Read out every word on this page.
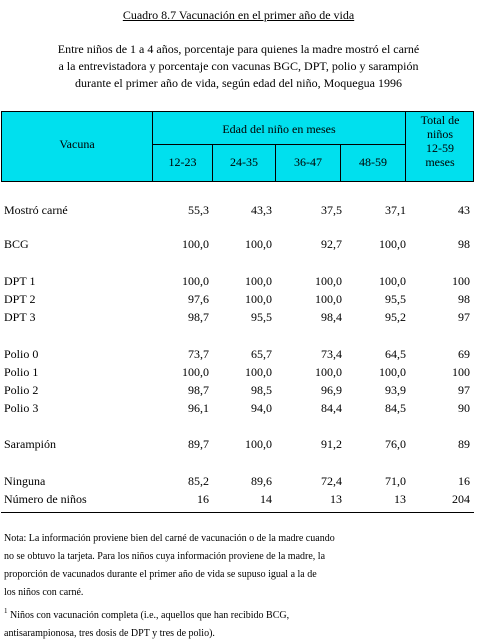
Cuadro 8.7 Vacunación en el primer año de vida
Entre niños de 1 a 4 años, porcentaje para quienes la madre mostró el carné
a la entrevistadora y porcentaje con vacunas BGC, DPT, polio y sarampión
durante el primer año de vida, según edad del niño, Moquegua 1996
Vacuna
Edad del niño en meses
Total de
niños
12-59
meses
12-23	24-35	36-47	48-59
Mostró carné	55,3	43,3	37,5	37,1	43
BCG	100,0	100,0	92,7	100,0	98
DPT 1	100,0	100,0	100,0	100,0	100
DPT 2	97,6	100,0	100,0	95,5	98
DPT 3	98,7	95,5	98,4	95,2	97
Polio 0	73,7	65,7	73,4	64,5	69
Polio 1	100,0	100,0	100,0	100,0	100
Polio 2	98,7	98,5	96,9	93,9	97
Polio 3	96,1	94,0	84,4	84,5	90
Sarampión	89,7	100,0	91,2	76,0	89
Ninguna	85,2	89,6	72,4	71,0	16
Número de niños	16	14	13	13	204
Nota: La información proviene bien del carné de vacunación o de la madre cuando
no se obtuvo la tarjeta. Para los niños cuya información proviene de la madre, la
proporción de vacunados durante el primer año de vida se supuso igual a la de
los niños con carné.
$^1$ Niños con vacunación completa (i.e., aquellos que han recibido BCG,
antisarampionosa, tres dosis de DPT y tres de polio).
